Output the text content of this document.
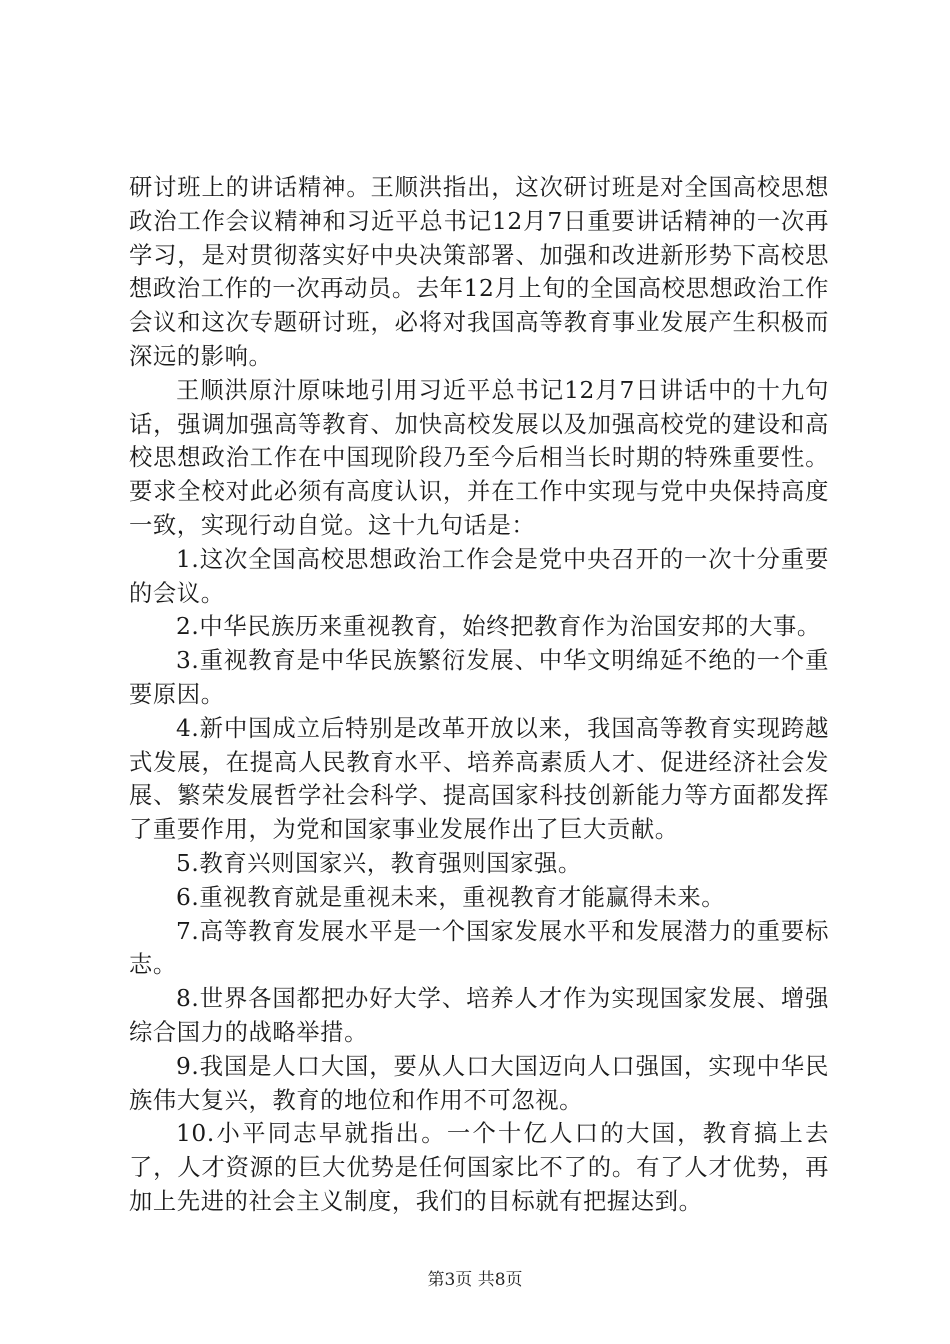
研讨班上的讲话精神。王顺洪指出，这次研讨班是对全国高校思想政治工作会议精神和习近平总书记12月7日重要讲话精神的一次再学习，是对贯彻落实好中央决策部署、加强和改进新形势下高校思想政治工作的一次再动员。去年12月上旬的全国高校思想政治工作会议和这次专题研讨班，必将对我国高等教育事业发展产生积极而深远的影响。

王顺洪原汁原味地引用习近平总书记12月7日讲话中的十九句话，强调加强高等教育、加快高校发展以及加强高校党的建设和高校思想政治工作在中国现阶段乃至今后相当长时期的特殊重要性。要求全校对此必须有高度认识，并在工作中实现与党中央保持高度一致，实现行动自觉。这十九句话是：

1.这次全国高校思想政治工作会是党中央召开的一次十分重要的会议。

2.中华民族历来重视教育，始终把教育作为治国安邦的大事。

3.重视教育是中华民族繁衍发展、中华文明绵延不绝的一个重要原因。

4.新中国成立后特别是改革开放以来，我国高等教育实现跨越式发展，在提高人民教育水平、培养高素质人才、促进经济社会发展、繁荣发展哲学社会科学、提高国家科技创新能力等方面都发挥了重要作用，为党和国家事业发展作出了巨大贡献。

5.教育兴则国家兴，教育强则国家强。

6.重视教育就是重视未来，重视教育才能赢得未来。

7.高等教育发展水平是一个国家发展水平和发展潜力的重要标志。

8.世界各国都把办好大学、培养人才作为实现国家发展、增强综合国力的战略举措。

9.我国是人口大国，要从人口大国迈向人口强国，实现中华民族伟大复兴，教育的地位和作用不可忽视。

10.小平同志早就指出。一个十亿人口的大国，教育搞上去了，人才资源的巨大优势是任何国家比不了的。有了人才优势，再加上先进的社会主义制度，我们的目标就有把握达到。

第3页 共8页
